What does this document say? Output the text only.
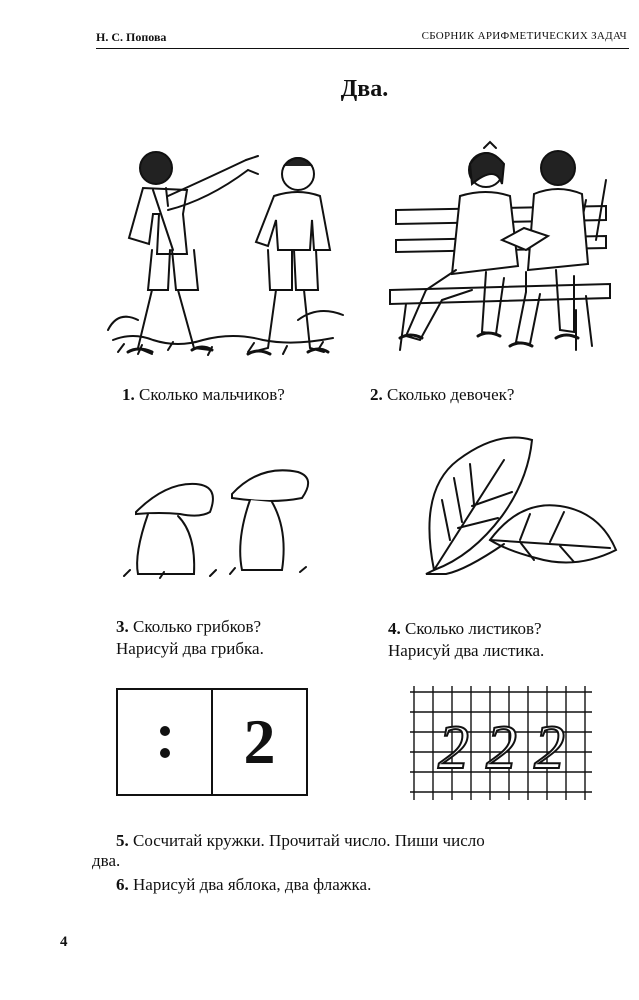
Н. С. Попова	СБОРНИК АРИФМЕТИЧЕСКИХ ЗАДАЧ
Два.
1. Сколько мальчиков?	2. Сколько девочек?
3. Сколько грибков?
Нарисуй два грибка.
4. Сколько листиков?
Нарисуй два листика.
2	2 2 2
5. Сосчитай кружки. Прочитай число. Пиши число
два.
6. Нарисуй два яблока, два флажка.
4
